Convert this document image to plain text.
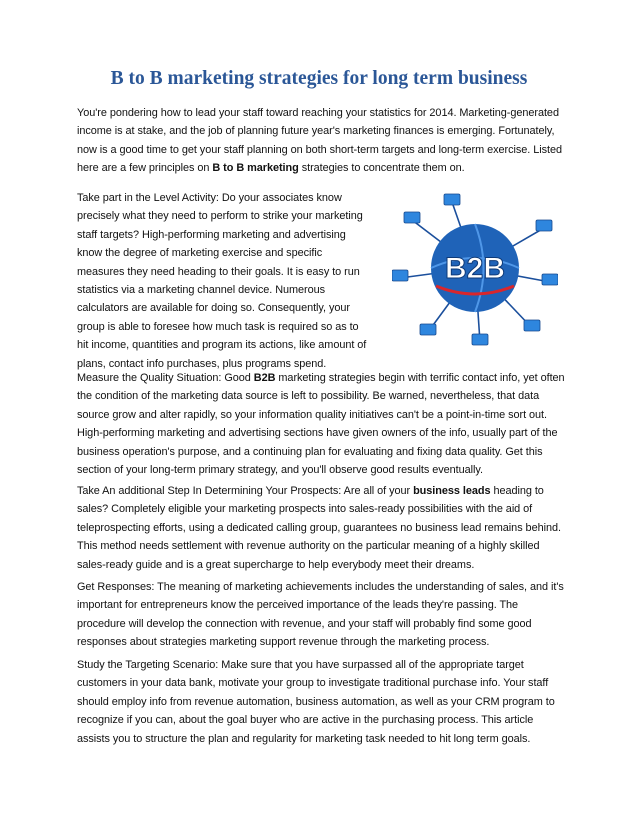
B to B marketing strategies for long term business

You're pondering how to lead your staff toward reaching your statistics for 2014. Marketing-generated income is at stake, and the job of planning future year's marketing finances is emerging. Fortunately, now is a good time to get your staff planning on both short-term targets and long-term exercise. Listed here are a few principles on B to B marketing strategies to concentrate them on.

Take part in the Level Activity: Do your associates know precisely what they need to perform to strike your marketing staff targets? High-performing marketing and advertising know the degree of marketing exercise and specific measures they need heading to their goals. It is easy to run statistics via a marketing channel device. Numerous calculators are available for doing so. Consequently, your group is able to foresee how much task is required so as to hit income, quantities and program its actions, like amount of plans, contact info purchases, plus programs spend.

B2B

Measure the Quality Situation: Good B2B marketing strategies begin with terrific contact info, yet often the condition of the marketing data source is left to possibility. Be warned, nevertheless, that data source grow and alter rapidly, so your information quality initiatives can't be a point-in-time sort out. High-performing marketing and advertising sections have given owners of the info, usually part of the business operation's purpose, and a continuing plan for evaluating and fixing data quality. Get this section of your long-term primary strategy, and you'll observe good results eventually.

Take An additional Step In Determining Your Prospects: Are all of your business leads heading to sales? Completely eligible your marketing prospects into sales-ready possibilities with the aid of teleprospecting efforts, using a dedicated calling group, guarantees no business lead remains behind. This method needs settlement with revenue authority on the particular meaning of a highly skilled sales-ready guide and is a great supercharge to help everybody meet their dreams.

Get Responses: The meaning of marketing achievements includes the understanding of sales, and it's important for entrepreneurs know the perceived importance of the leads they're passing. The procedure will develop the connection with revenue, and your staff will probably find some good responses about strategies marketing support revenue through the marketing process.

Study the Targeting Scenario: Make sure that you have surpassed all of the appropriate target customers in your data bank, motivate your group to investigate traditional purchase info. Your staff should employ info from revenue automation, business automation, as well as your CRM program to recognize if you can, about the goal buyer who are active in the purchasing process. This article assists you to structure the plan and regularity for marketing task needed to hit long term goals.
